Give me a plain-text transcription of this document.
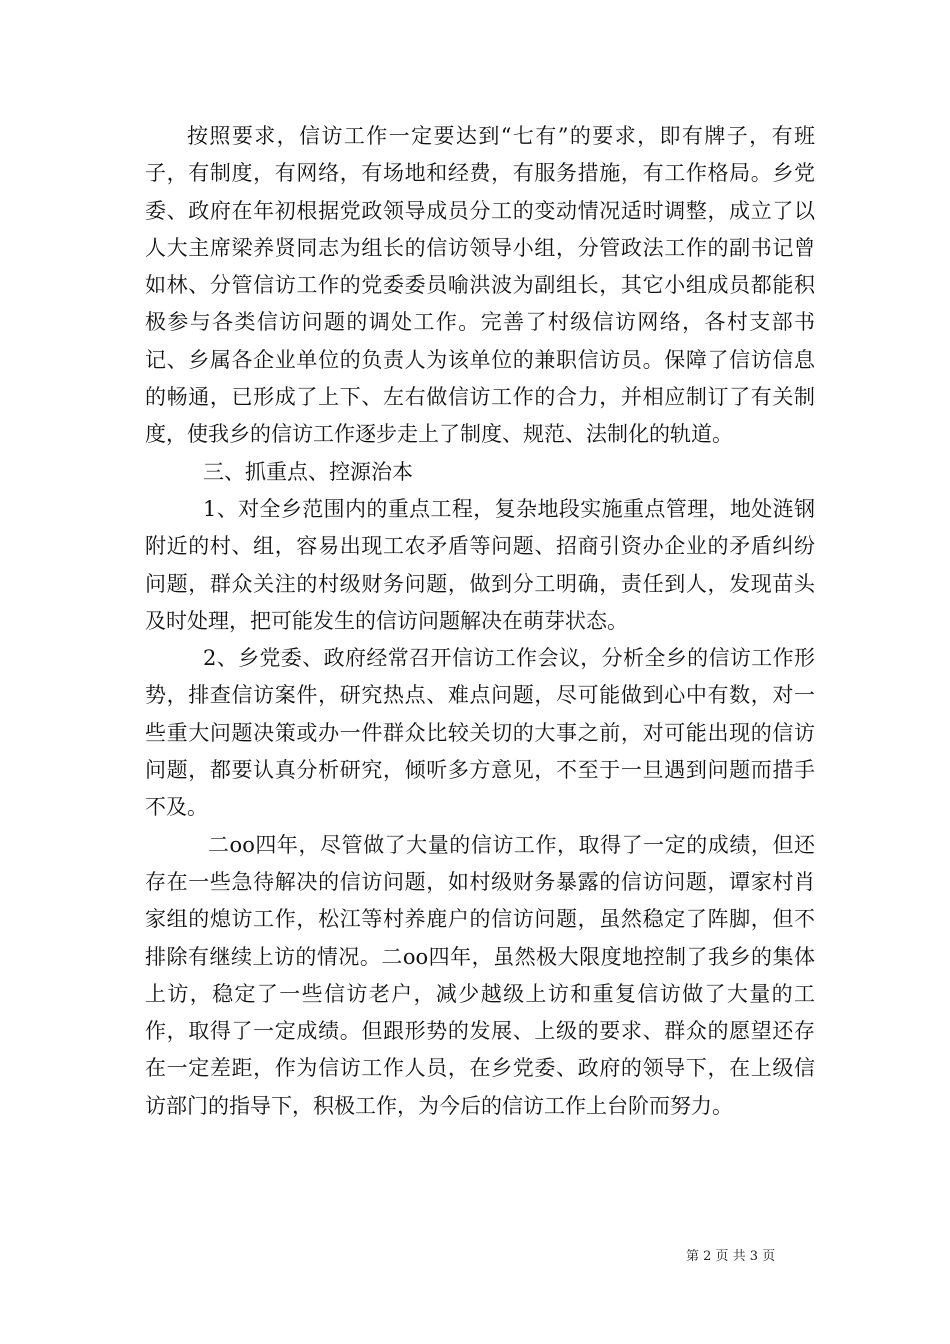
按照要求，信访工作一定要达到“七有”的要求，即有牌子，有班子，有制度，有网络，有场地和经费，有服务措施，有工作格局。乡党委、政府在年初根据党政领导成员分工的变动情况适时调整，成立了以人大主席梁养贤同志为组长的信访领导小组，分管政法工作的副书记曾如林、分管信访工作的党委委员喻洪波为副组长，其它小组成员都能积极参与各类信访问题的调处工作。完善了村级信访网络，各村支部书记、乡属各企业单位的负责人为该单位的兼职信访员。保障了信访信息的畅通，已形成了上下、左右做信访工作的合力，并相应制订了有关制度，使我乡的信访工作逐步走上了制度、规范、法制化的轨道。

三、抓重点、控源治本

1、对全乡范围内的重点工程，复杂地段实施重点管理，地处涟钢附近的村、组，容易出现工农矛盾等问题、招商引资办企业的矛盾纠纷问题，群众关注的村级财务问题，做到分工明确，责任到人，发现苗头及时处理，把可能发生的信访问题解决在萌芽状态。

2、乡党委、政府经常召开信访工作会议，分析全乡的信访工作形势，排查信访案件，研究热点、难点问题，尽可能做到心中有数，对一些重大问题决策或办一件群众比较关切的大事之前，对可能出现的信访问题，都要认真分析研究，倾听多方意见，不至于一旦遇到问题而措手不及。

二oo四年，尽管做了大量的信访工作，取得了一定的成绩，但还存在一些急待解决的信访问题，如村级财务暴露的信访问题，谭家村肖家组的熄访工作，松江等村养鹿户的信访问题，虽然稳定了阵脚，但不排除有继续上访的情况。二oo四年，虽然极大限度地控制了我乡的集体上访，稳定了一些信访老户，减少越级上访和重复信访做了大量的工作，取得了一定成绩。但跟形势的发展、上级的要求、群众的愿望还存在一定差距，作为信访工作人员，在乡党委、政府的领导下，在上级信访部门的指导下，积极工作，为今后的信访工作上台阶而努力。

第 2 页 共 3 页
